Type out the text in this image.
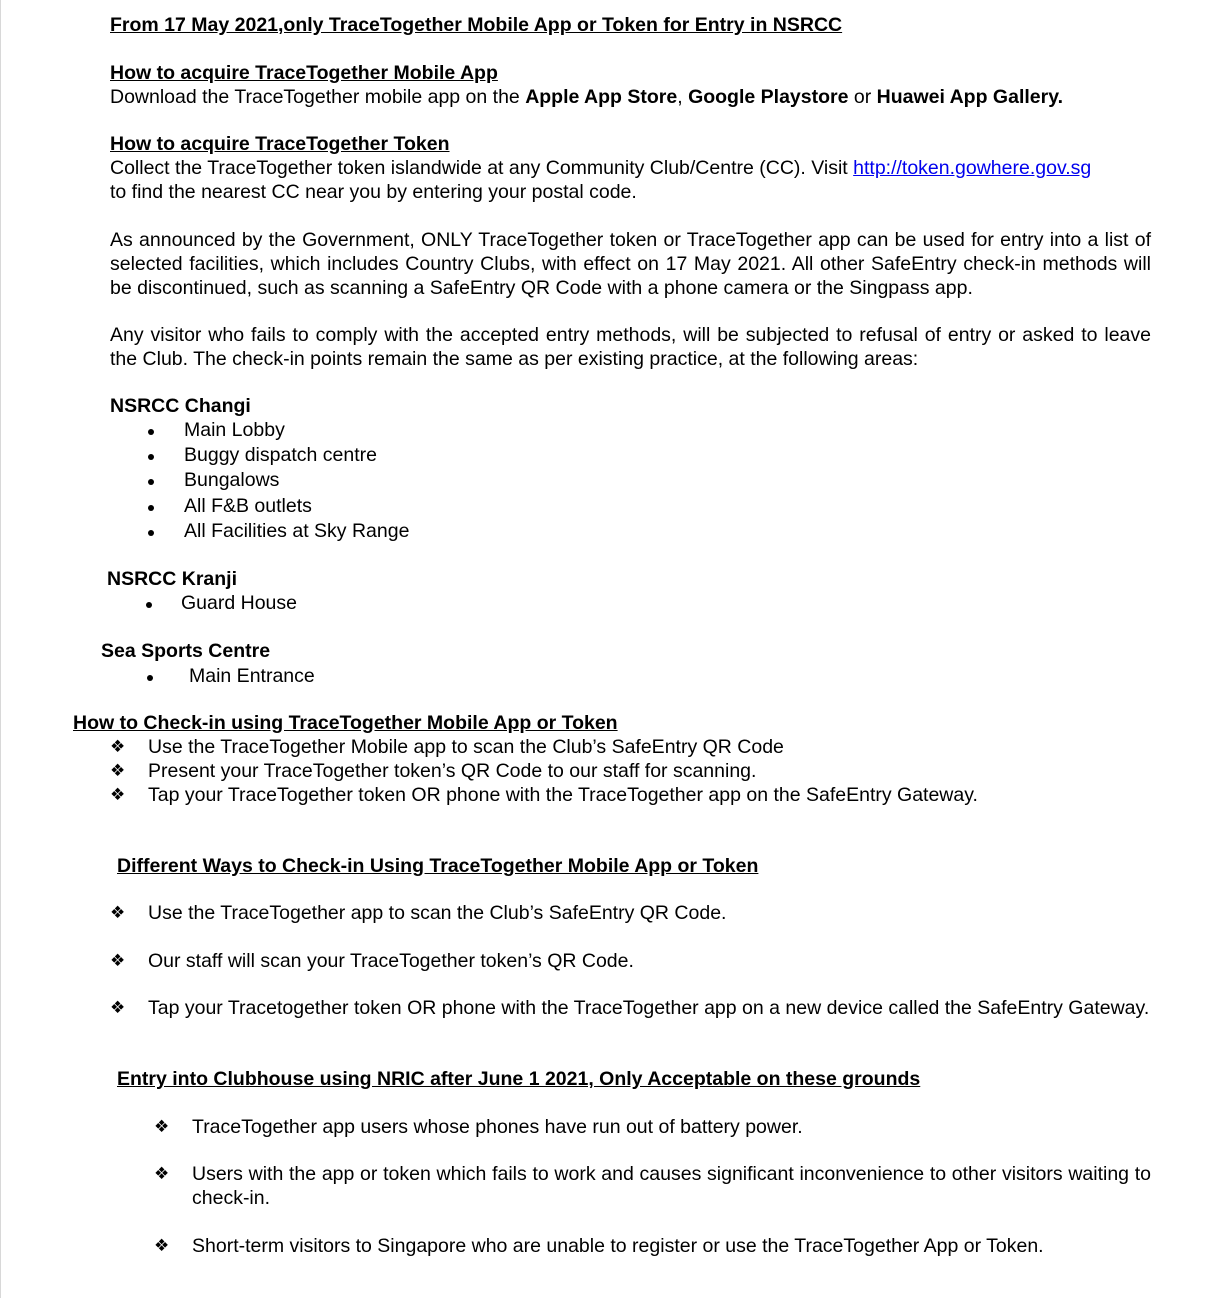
From 17 May 2021,only TraceTogether Mobile App or Token for Entry in NSRCC
How to acquire TraceTogether Mobile App
Download the TraceTogether mobile app on the Apple App Store, Google Playstore or Huawei App Gallery.
How to acquire TraceTogether Token
Collect the TraceTogether token islandwide at any Community Club/Centre (CC). Visit http://token.gowhere.gov.sg
to find the nearest CC near you by entering your postal code.
As announced by the Government, ONLY TraceTogether token or TraceTogether app can be used for entry into a list of selected facilities, which includes Country Clubs, with effect on 17 May 2021. All other SafeEntry check-in methods will be discontinued, such as scanning a SafeEntry QR Code with a phone camera or the Singpass app.
Any visitor who fails to comply with the accepted entry methods, will be subjected to refusal of entry or asked to leave the Club. The check-in points remain the same as per existing practice, at the following areas:
NSRCC Changi
Main Lobby
Buggy dispatch centre
Bungalows
All F&B outlets
All Facilities at Sky Range
NSRCC Kranji
Guard House
Sea Sports Centre
Main Entrance
How to Check-in using TraceTogether Mobile App or Token
❖ Use the TraceTogether Mobile app to scan the Club’s SafeEntry QR Code
❖ Present your TraceTogether token’s QR Code to our staff for scanning.
❖ Tap your TraceTogether token OR phone with the TraceTogether app on the SafeEntry Gateway.
Different Ways to Check-in Using TraceTogether Mobile App or Token
❖ Use the TraceTogether app to scan the Club’s SafeEntry QR Code.
❖ Our staff will scan your TraceTogether token’s QR Code.
❖ Tap your Tracetogether token OR phone with the TraceTogether app on a new device called the SafeEntry Gateway.
Entry into Clubhouse using NRIC after June 1 2021, Only Acceptable on these grounds
❖ TraceTogether app users whose phones have run out of battery power.
❖ Users with the app or token which fails to work and causes significant inconvenience to other visitors waiting to check-in.
❖ Short-term visitors to Singapore who are unable to register or use the TraceTogether App or Token.
